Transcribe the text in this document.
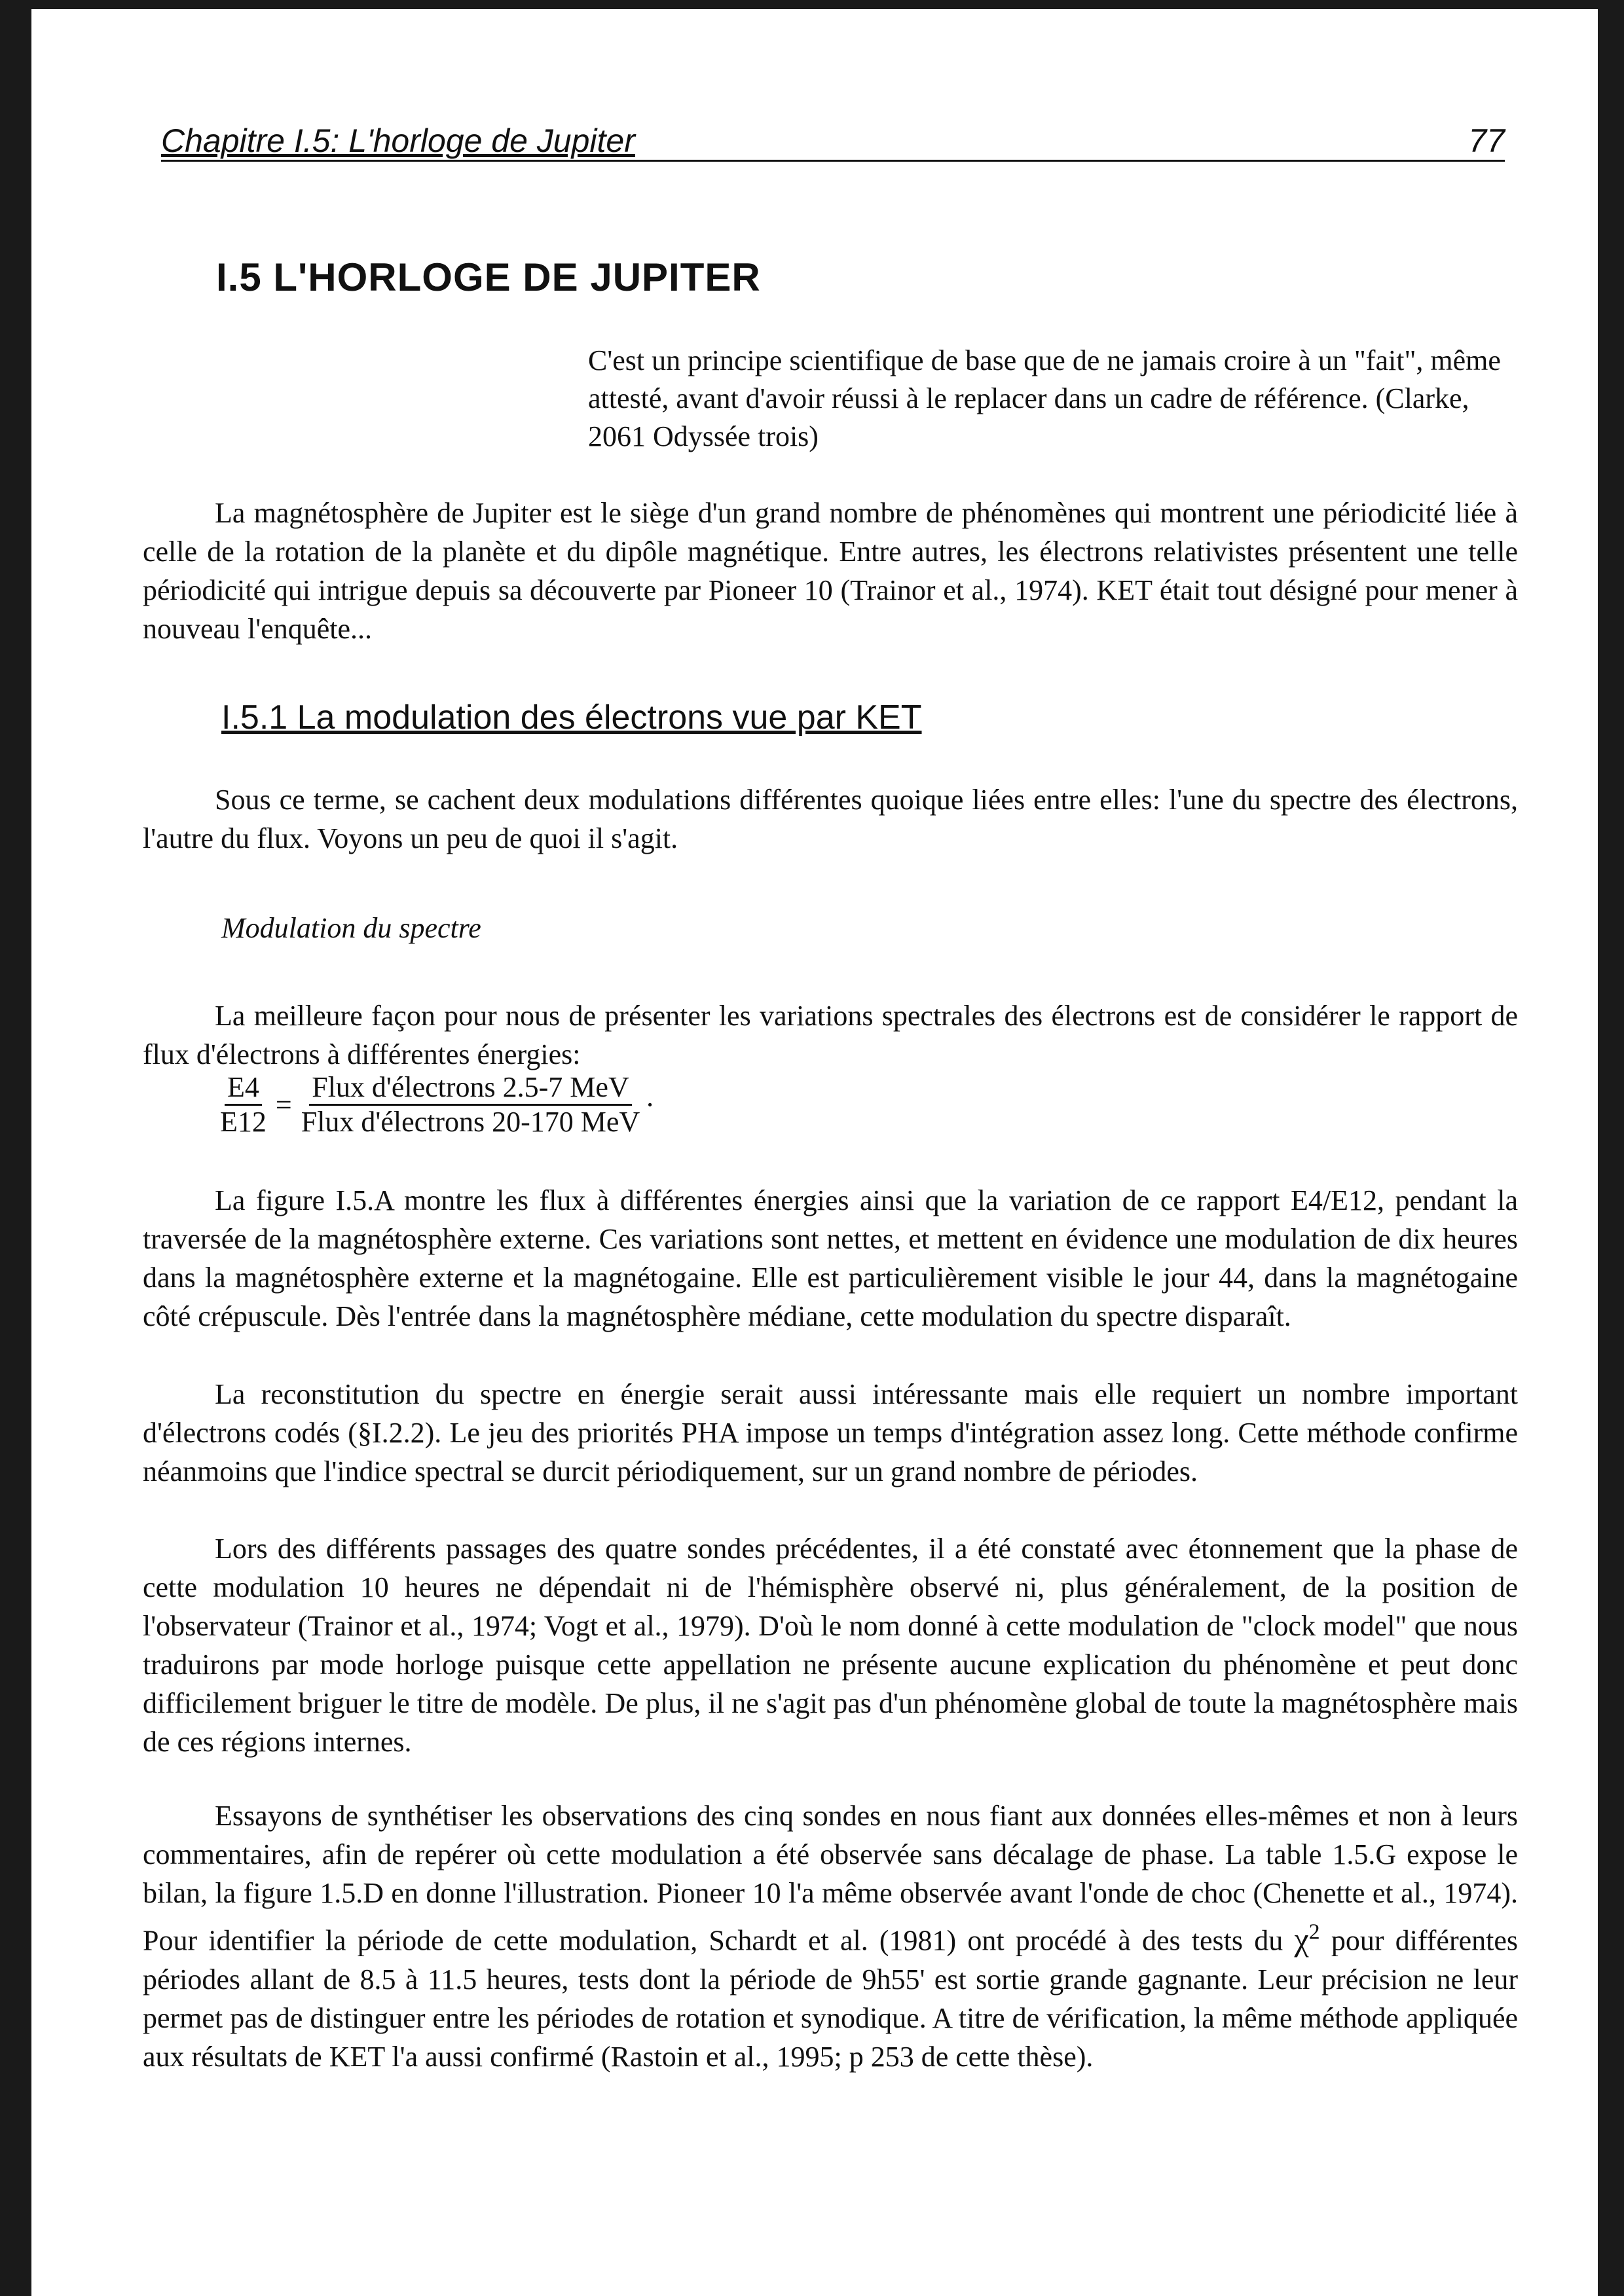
Chapitre I.5: L'horloge de Jupiter	77
I.5 L'HORLOGE DE JUPITER
C'est un principe scientifique de base que de ne jamais croire à un "fait", même attesté, avant d'avoir réussi à le replacer dans un cadre de référence. (Clarke, 2061 Odyssée trois)

La magnétosphère de Jupiter est le siège d'un grand nombre de phénomènes qui montrent une périodicité liée à celle de la rotation de la planète et du dipôle magnétique. Entre autres, les électrons relativistes présentent une telle périodicité qui intrigue depuis sa découverte par Pioneer 10 (Trainor et al., 1974). KET était tout désigné pour mener à nouveau l'enquête...

I.5.1 La modulation des électrons vue par KET

Sous ce terme, se cachent deux modulations différentes quoique liées entre elles: l'une du spectre des électrons, l'autre du flux. Voyons un peu de quoi il s'agit.

Modulation du spectre

La meilleure façon pour nous de présenter les variations spectrales des électrons est de considérer le rapport de flux d'électrons à différentes énergies:

$\frac{E4}{E12} = \frac{\text{Flux d'électrons 2.5-7 MeV}}{\text{Flux d'électrons 20-170 MeV}}$ ·

La figure I.5.A montre les flux à différentes énergies ainsi que la variation de ce rapport E4/E12, pendant la traversée de la magnétosphère externe. Ces variations sont nettes, et mettent en évidence une modulation de dix heures dans la magnétosphère externe et la magnétogaine. Elle est particulièrement visible le jour 44, dans la magnétogaine côté crépuscule. Dès l'entrée dans la magnétosphère médiane, cette modulation du spectre disparaît.

La reconstitution du spectre en énergie serait aussi intéressante mais elle requiert un nombre important d'électrons codés (§I.2.2). Le jeu des priorités PHA impose un temps d'intégration assez long. Cette méthode confirme néanmoins que l'indice spectral se durcit périodiquement, sur un grand nombre de périodes.

Lors des différents passages des quatre sondes précédentes, il a été constaté avec étonnement que la phase de cette modulation 10 heures ne dépendait ni de l'hémisphère observé ni, plus généralement, de la position de l'observateur (Trainor et al., 1974; Vogt et al., 1979). D'où le nom donné à cette modulation de "clock model" que nous traduirons par mode horloge puisque cette appellation ne présente aucune explication du phénomène et peut donc difficilement briguer le titre de modèle. De plus, il ne s'agit pas d'un phénomène global de toute la magnétosphère mais de ces régions internes.

Essayons de synthétiser les observations des cinq sondes en nous fiant aux données elles-mêmes et non à leurs commentaires, afin de repérer où cette modulation a été observée sans décalage de phase. La table 1.5.G expose le bilan, la figure 1.5.D en donne l'illustration. Pioneer 10 l'a même observée avant l'onde de choc (Chenette et al., 1974). Pour identifier la période de cette modulation, Schardt et al. (1981) ont procédé à des tests du $\chi^2$ pour différentes périodes allant de 8.5 à 11.5 heures, tests dont la période de 9h55' est sortie grande gagnante. Leur précision ne leur permet pas de distinguer entre les périodes de rotation et synodique. A titre de vérification, la même méthode appliquée aux résultats de KET l'a aussi confirmé (Rastoin et al., 1995; p 253 de cette thèse).
